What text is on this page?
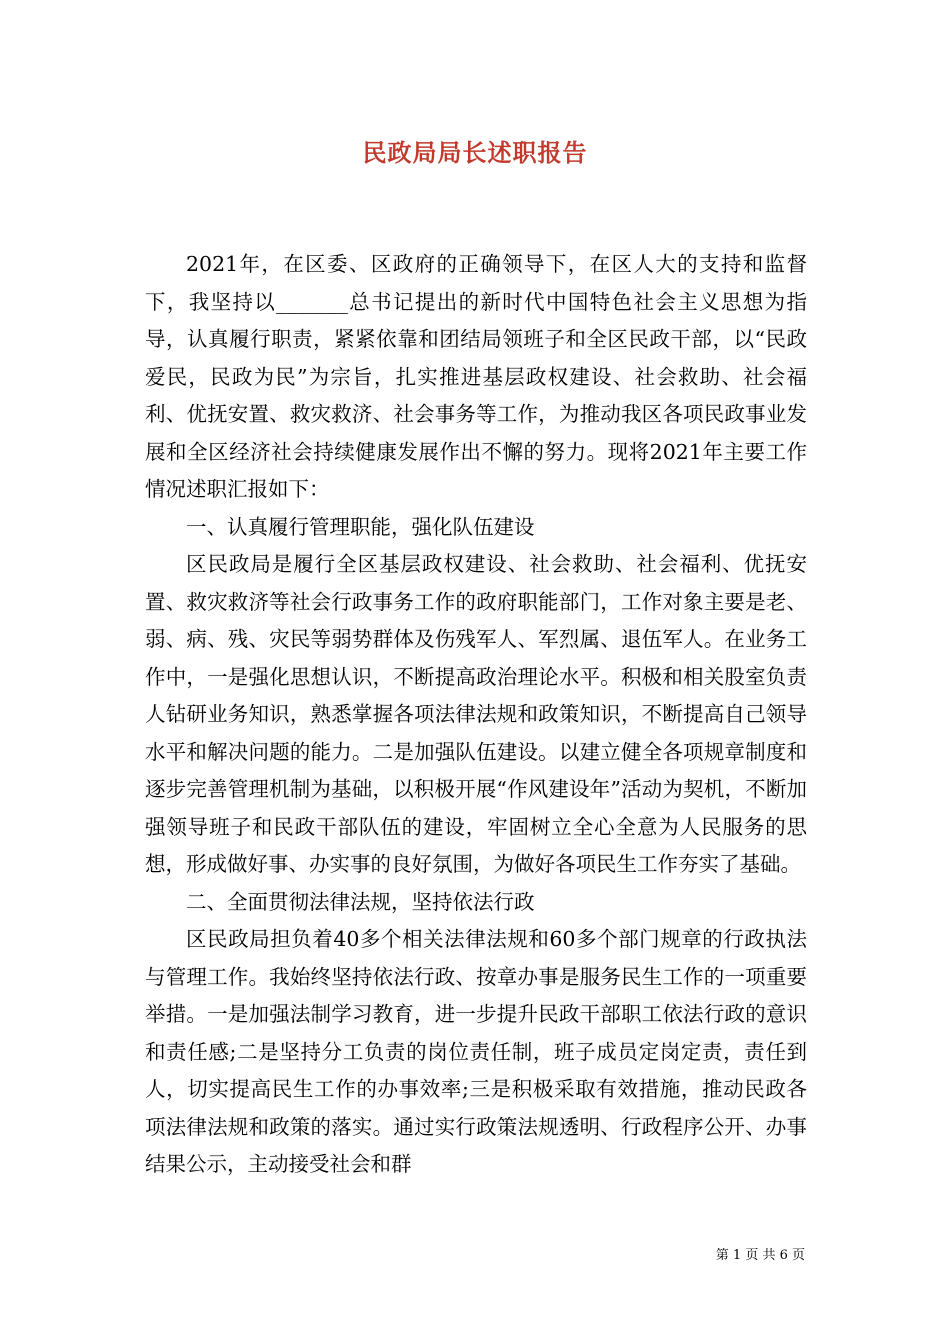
民政局局长述职报告

2021年，在区委、区政府的正确领导下，在区人大的支持和监督下，我坚持以_______总书记提出的新时代中国特色社会主义思想为指导，认真履行职责，紧紧依靠和团结局领班子和全区民政干部，以“民政爱民，民政为民”为宗旨，扎实推进基层政权建设、社会救助、社会福利、优抚安置、救灾救济、社会事务等工作，为推动我区各项民政事业发展和全区经济社会持续健康发展作出不懈的努力。现将2021年主要工作情况述职汇报如下：

一、认真履行管理职能，强化队伍建设

区民政局是履行全区基层政权建设、社会救助、社会福利、优抚安置、救灾救济等社会行政事务工作的政府职能部门，工作对象主要是老、弱、病、残、灾民等弱势群体及伤残军人、军烈属、退伍军人。在业务工作中，一是强化思想认识，不断提高政治理论水平。积极和相关股室负责人钻研业务知识，熟悉掌握各项法律法规和政策知识，不断提高自己领导水平和解决问题的能力。二是加强队伍建设。以建立健全各项规章制度和逐步完善管理机制为基础，以积极开展“作风建设年”活动为契机，不断加强领导班子和民政干部队伍的建设，牢固树立全心全意为人民服务的思想，形成做好事、办实事的良好氛围，为做好各项民生工作夯实了基础。

二、全面贯彻法律法规，坚持依法行政

区民政局担负着40多个相关法律法规和60多个部门规章的行政执法与管理工作。我始终坚持依法行政、按章办事是服务民生工作的一项重要举措。一是加强法制学习教育，进一步提升民政干部职工依法行政的意识和责任感;二是坚持分工负责的岗位责任制，班子成员定岗定责，责任到人，切实提高民生工作的办事效率;三是积极采取有效措施，推动民政各项法律法规和政策的落实。通过实行政策法规透明、行政程序公开、办事结果公示，主动接受社会和群

第 1 页 共 6 页
